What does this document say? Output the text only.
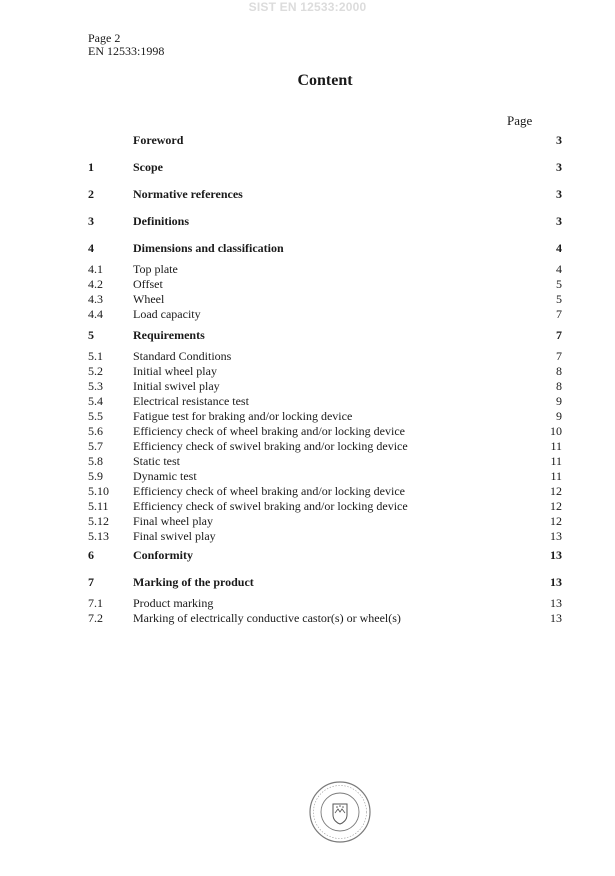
SIST EN 12533:2000
Page 2
EN 12533:1998
Content
Page
Foreword	3
1	Scope	3
2	Normative references	3
3	Definitions	3
4	Dimensions and classification	4
4.1	Top plate	4
4.2	Offset	5
4.3	Wheel	5
4.4	Load capacity	7
5	Requirements	7
5.1	Standard Conditions	7
5.2	Initial wheel play	8
5.3	Initial swivel play	8
5.4	Electrical resistance test	9
5.5	Fatigue test for braking and/or locking device	9
5.6	Efficiency check of wheel braking and/or locking device	10
5.7	Efficiency check of swivel braking and/or locking device	11
5.8	Static test	11
5.9	Dynamic test	11
5.10 Efficiency check of wheel braking and/or locking device	12
5.11 Efficiency check of swivel braking and/or locking device	12
5.12 Final wheel play	12
5.13 Final swivel play	13
6	Conformity	13
7	Marking of the product	13
7.1	Product marking	13
7.2	Marking of electrically conductive castor(s) or wheel(s)	13
